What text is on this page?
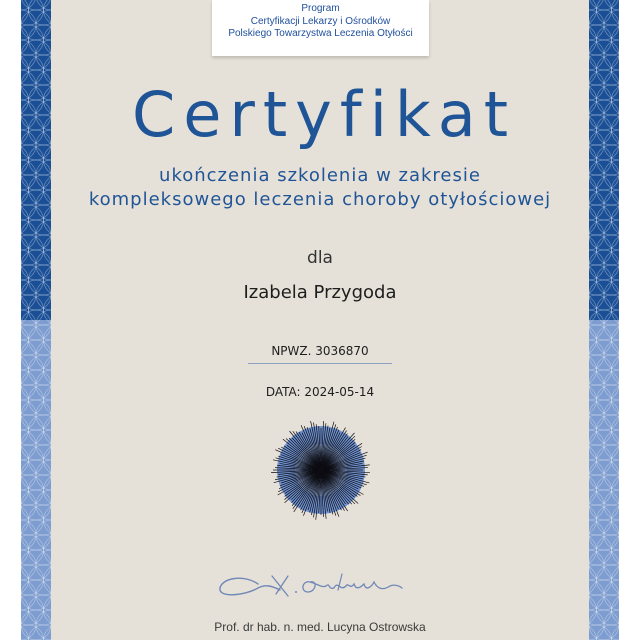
Program
Certyfikacji Lekarzy i Ośrodków
Polskiego Towarzystwa Leczenia Otyłości
Certyfikat
ukończenia szkolenia w zakresie
kompleksowego leczenia choroby otyłościowej
dla
Izabela Przygoda
NPWZ. 3036870
DATA: 2024-05-14
Prof. dr hab. n. med. Lucyna Ostrowska
